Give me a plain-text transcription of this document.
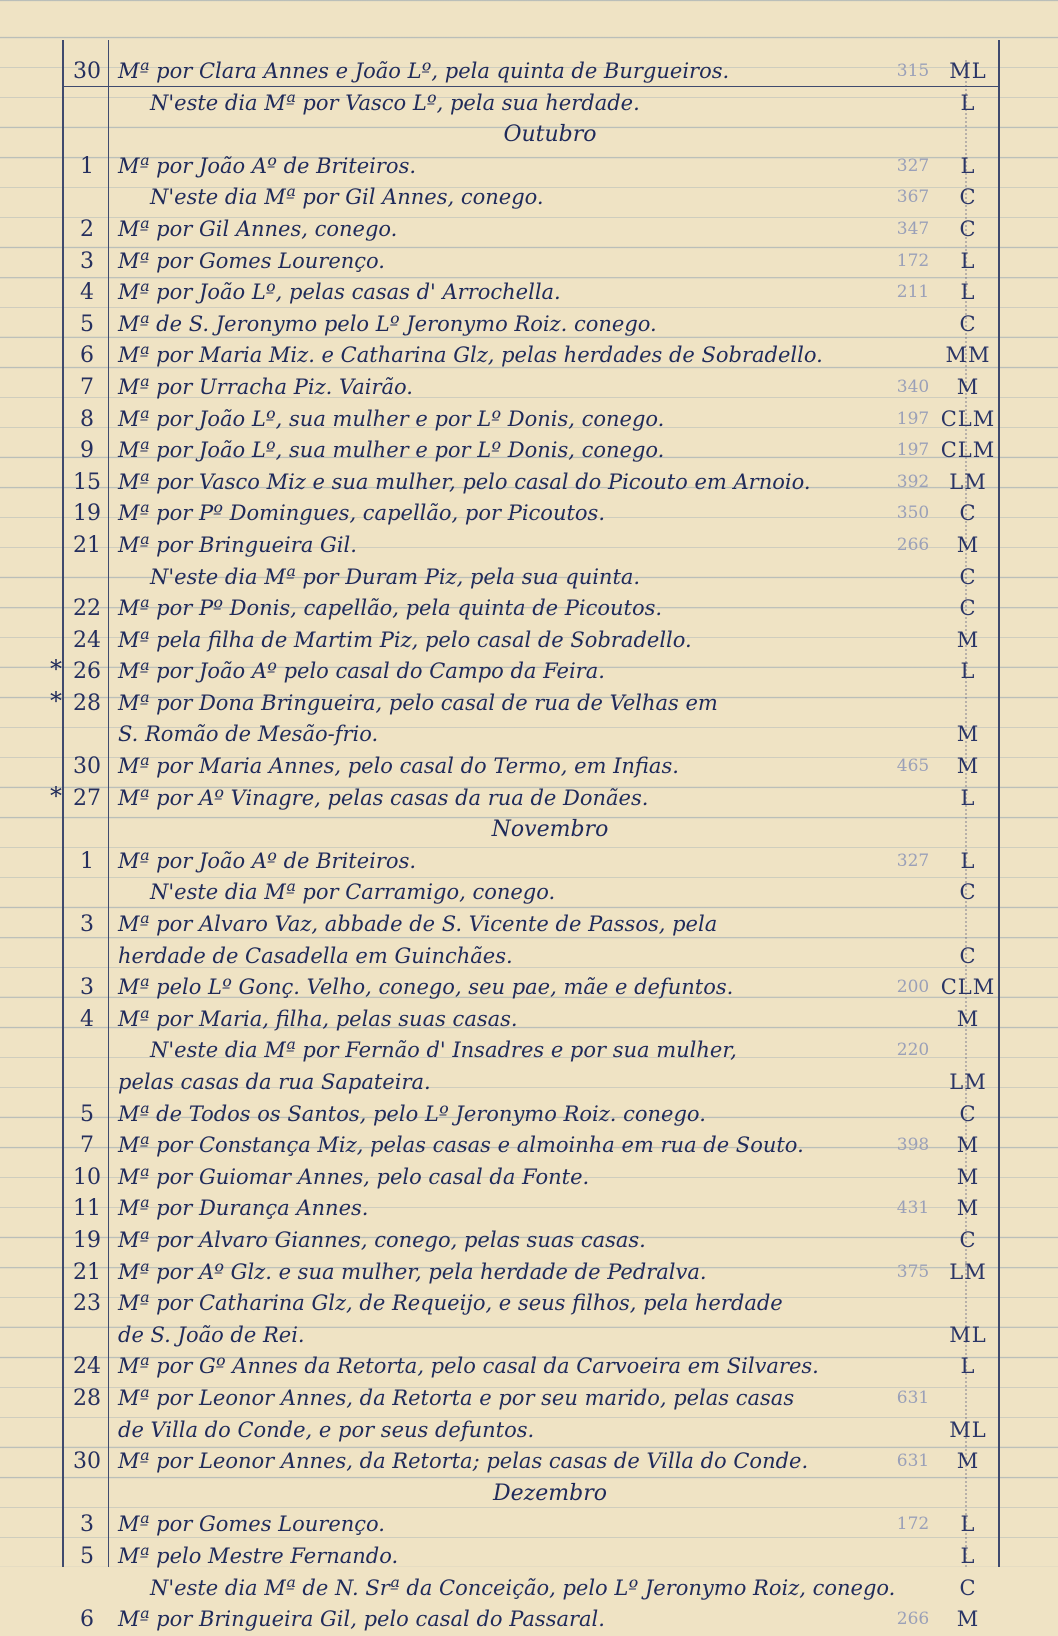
30 Mª por Clara Annes e João Lº, pela quinta de Burgueiros.	315 ML
N'este dia Mª por Vasco Lº, pela sua herdade.	L
Outubro
1	Mª por João Aº de Briteiros.	327	L
N'este dia Mª por Gil Annes, conego.	367	C
2	Mª por Gil Annes, conego.	347	C
3	Mª por Gomes Lourenço.	172	L
4	Mª por João Lº, pelas casas d' Arrochella.	211	L
5	Mª de S. Jeronymo pelo Lº Jeronymo Roiz. conego.	C
6	Mª por Maria Miz. e Catharina Glz, pelas herdades de Sobradello.	MM
7	Mª por Urracha Piz. Vairão.	340	M
8	Mª por João Lº, sua mulher e por Lº Donis, conego.	197 CLM
9	Mª por João Lº, sua mulher e por Lº Donis, conego.	197 CLM
15 Mª por Vasco Miz e sua mulher, pelo casal do Picouto em Arnoio.	392 LM
19 Mª por Pº Domingues, capellão, por Picoutos.	350	C
21 Mª por Bringueira Gil.	266	M
N'este dia Mª por Duram Piz, pela sua quinta.	C
22 Mª por Pº Donis, capellão, pela quinta de Picoutos.	C
24 Mª pela filha de Martim Piz, pelo casal de Sobradello.	M
* 26 Mª por João Aº pelo casal do Campo da Feira.	L
* 28 Mª por Dona Bringueira, pelo casal de rua de Velhas em
S. Romão de Mesão-frio.	M
30 Mª por Maria Annes, pelo casal do Termo, em Infias.	465	M
* 27 Mª por Aº Vinagre, pelas casas da rua de Donães.	L
Novembro
1	Mª por João Aº de Briteiros.	327	L
N'este dia Mª por Carramigo, conego.	C
3	Mª por Alvaro Vaz, abbade de S. Vicente de Passos, pela
herdade de Casadella em Guinchães.	C
3	Mª pelo Lº Gonç. Velho, conego, seu pae, mãe e defuntos.	200 CLM
4	Mª por Maria, filha, pelas suas casas.	M
N'este dia Mª por Fernão d' Insadres e por sua mulher,	220
pelas casas da rua Sapateira.	LM
5	Mª de Todos os Santos, pelo Lº Jeronymo Roiz. conego.	C
7	Mª por Constança Miz, pelas casas e almoinha em rua de Souto.	398	M
10 Mª por Guiomar Annes, pelo casal da Fonte.	M
11 Mª por Durança Annes.	431	M
19 Mª por Alvaro Giannes, conego, pelas suas casas.	C
21 Mª por Aº Glz. e sua mulher, pela herdade de Pedralva.	375 LM
23 Mª por Catharina Glz, de Requeijo, e seus filhos, pela herdade
de S. João de Rei.	ML
24 Mª por Gº Annes da Retorta, pelo casal da Carvoeira em Silvares.	L
28 Mª por Leonor Annes, da Retorta e por seu marido, pelas casas	631
de Villa do Conde, e por seus defuntos.	ML
30 Mª por Leonor Annes, da Retorta; pelas casas de Villa do Conde.	631	M
Dezembro
3	Mª por Gomes Lourenço.	172	L
5	Mª pelo Mestre Fernando.	L
N'este dia Mª de N. Srª da Conceição, pelo Lº Jeronymo Roiz, conego.	C
6	Mª por Bringueira Gil, pelo casal do Passaral.	266	M
